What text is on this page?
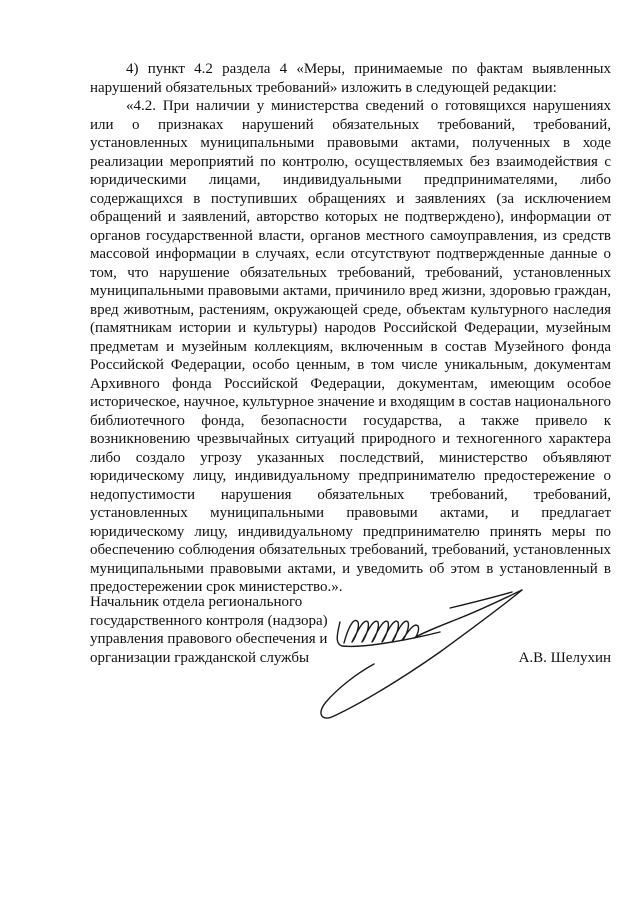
4) пункт 4.2 раздела 4 «Меры, принимаемые по фактам выявленных нарушений обязательных требований» изложить в следующей редакции:

«4.2. При наличии у министерства сведений о готовящихся нарушениях или о признаках нарушений обязательных требований, требований, установленных муниципальными правовыми актами, полученных в ходе реализации мероприятий по контролю, осуществляемых без взаимодействия с юридическими лицами, индивидуальными предпринимателями, либо содержащихся в поступивших обращениях и заявлениях (за исключением обращений и заявлений, авторство которых не подтверждено), информации от органов государственной власти, органов местного самоуправления, из средств массовой информации в случаях, если отсутствуют подтвержденные данные о том, что нарушение обязательных требований, требований, установленных муниципальными правовыми актами, причинило вред жизни, здоровью граждан, вред животным, растениям, окружающей среде, объектам культурного наследия (памятникам истории и культуры) народов Российской Федерации, музейным предметам и музейным коллекциям, включенным в состав Музейного фонда Российской Федерации, особо ценным, в том числе уникальным, документам Архивного фонда Российской Федерации, документам, имеющим особое историческое, научное, культурное значение и входящим в состав национального библиотечного фонда, безопасности государства, а также привело к возникновению чрезвычайных ситуаций природного и техногенного характера либо создало угрозу указанных последствий, министерство объявляют юридическому лицу, индивидуальному предпринимателю предостережение о недопустимости нарушения обязательных требований, требований, установленных муниципальными правовыми актами, и предлагает юридическому лицу, индивидуальному предпринимателю принять меры по обеспечению соблюдения обязательных требований, требований, установленных муниципальными правовыми актами, и уведомить об этом в установленный в предостережении срок министерство.».

Начальник отдела регионального
государственного контроля (надзора)
управления правового обеспечения и
организации гражданской службы	А.В. Шелухин
